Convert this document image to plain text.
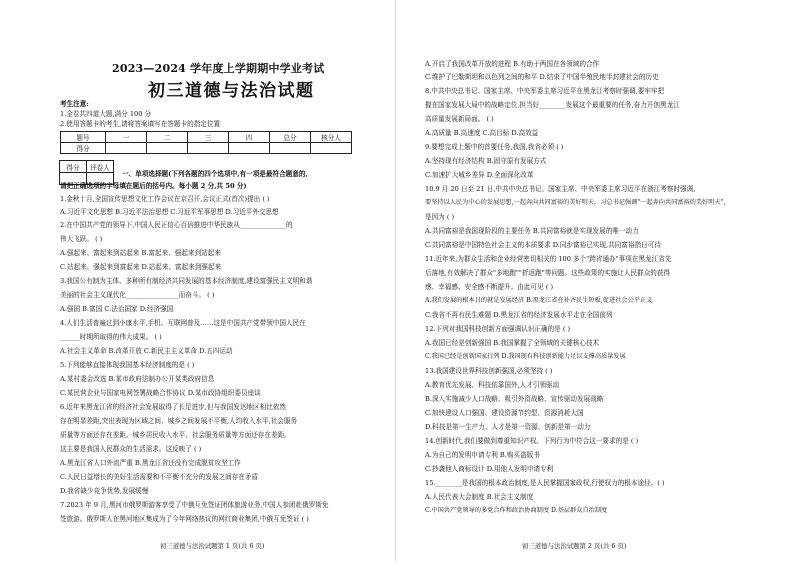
2023—2024 学年度上学期期中学业考试
初三道德与法治试题
考生注意:
1.全卷共四道大题,满分 100 分
2.使用答题卡的考生,请将答案填写在答题卡的指定位置
题号	一	二	三	四	总分	核分人
得分						
得分	评卷人

一、单项选择题(下列各题的四个选项中,有一项是最符合题意的,
请把正确选项的字母填在题后的括号内。每小题 2 分,共 50 分)
1.金秋十月,全国宣传思想文化工作会议在京召开,会议正式(首次)提出 ( )
A.习近平文化思想 B.习近平法治思想 C.习近平军事思想 D.习近平外交思想
2.在中国共产党的领导下,中国人民正信心百倍推进中华民族从______________的
伟大飞跃。 ( )
A.强起来、富起来到站起来 B.富起来、强起来到站起来
C.站起来、强起来到富起来 D.站起来、富起来到强起来
3.我国公有制为主体、多种所有制经济共同发展的基本经济制度,建设富强民主文明和谐
美丽的社会主义现代化________________而奋斗。 ( )
A.强国 B.富国 C.法治国家 D.经济强国
4.人们生活普遍过到小康水平,手机、互联网普及……这是中国共产党带领中国人民在
______时期所取得的伟大成果。 ( )
A.社会主义革命 B.改革开放 C.新民主主义革命 D.五四运动
5.下列能够直接体现我国基本经济制度的是 ( )
A.某村委会改选 B.某市政府法制办公开某类政府信息
C.某民营企业与国家电网签署战略合作协议 D.某市政协组织委员座谈
6.近年来黑龙江省的经济社会发展取得了长足进步,但与我国发达地区相比依然
存在明显差距,突出表现为区域之间、城乡之间发展不平衡,人均收入水平,社会服务
质量等方面还存在差距。城乡居民收入水平、社会服务质量等方面还存在差距。
这主要是我国人民群众的生活需求。这反映了 ( )
A.黑龙江省人口外流严重 B.黑龙江省还没有完成脱贫攻坚工作
C.人民日益增长的美好生活需要和不平衡不充分的发展之间存在矛盾
D.我省缺少竞争优势,发展缓慢
7.2023 年 9 月,黑河市俄罗斯游客享受了中俄互免签证团体旅游业务,中国人参团赴俄罗斯免
签旅游。俄罗斯人在黑河地区集成为了今年网络热议的网红商业集团,中俄互免签证 ( )
初三道德与法治试题第 1 页(共 6 页)
A.开启了我国改革开放的进程 B.有助于两国在各领域的合作
C.维护了巴勒斯坦和以色列之间的和平 D.结束了中国半殖民地半封建社会的历史
8.中共中央总书记、国家主席、中央军委主席习近平在黑龙江考察时强调,要牢牢把
握在国家发展大局中的战略定位,担当好________发展这个最重要的任务,奋力开创黑龙江
高质量发展新局面。 ( )
A.高质量 B.高速度 C.高目标 D.高效益
9.要想完成上题中的首要任务,我国,我省必须 ( )
A.坚持现有经济结构 B.固守原有发展方式
C.加速扩大城乡差异 D.全面深化改革
10.9 月 20 日至 21 日,中共中央总书记、国家主席、中央军委主席习近平在浙江考察时强调,
要坚持以人民为中心的发展思想,一起奔向共同富裕的美好明天。习总书记强调"一起奔向共同富裕的美好明天",
是因为 ( )
A.共同富裕是我国现阶段的主要任务 B.共同富裕就是实现发展的唯一动力
C.共同富裕是中国特色社会主义的本质要求 D.同步富裕已实现,共同富裕指日可待
11.近年来,为群众生活和企业经营密切相关的 100 多个"跨省通办"事项在黑龙江省先
后落地,有效解决了群众"多地跑""折返跑"等问题。这些政策的实施让人民群众的获得
感、幸福感、安全感不断提升。由此可见 ( )
A.我们发展的根本目的就是发展经济 B.黑龙江省在补齐民生短板,促进社会公平正义
C.我省不再有民生难题 D.黑龙江省的经济发展水平走在全国前列
12.下列对我国科技创新方面强调认识正确的是 ( )
A.我国已经是创新强国 B.我国掌握了全领域的关键核心技术
C.我国已经是创新国家行列 D.我国现有科技创新能力足以支撑高质量发展
13.我国建设世界科技创新强国,必须坚持 ( )
A.教育优先发展、科技依靠国外,人才引领驱动
B.深入实施减少人口战略、吸引外资战略、宣传驱动发展战略
C.加快建设人口强国、建设资源节约型、资源消耗大国
D.科技是第一生产力、人才是第一资源、创新是第一动力
14.创新时代,我们要做到尊重知识产权。下列行为中符合这一要求的是 ( )
A.为自己的发明申请专利 B.购买盗版书
C.抄袭他人商标设计 D.用他人发明申请专利
15.________是我国的根本政治制度,是人民掌握国家政权,行使权力的根本途径。( )
A.人民代表大会制度 B.社会主义制度
C.中国共产党领导的多党合作和政治协商制度 D.基层群众自治制度
初三道德与法治试题第 2 页(共 6 页)
